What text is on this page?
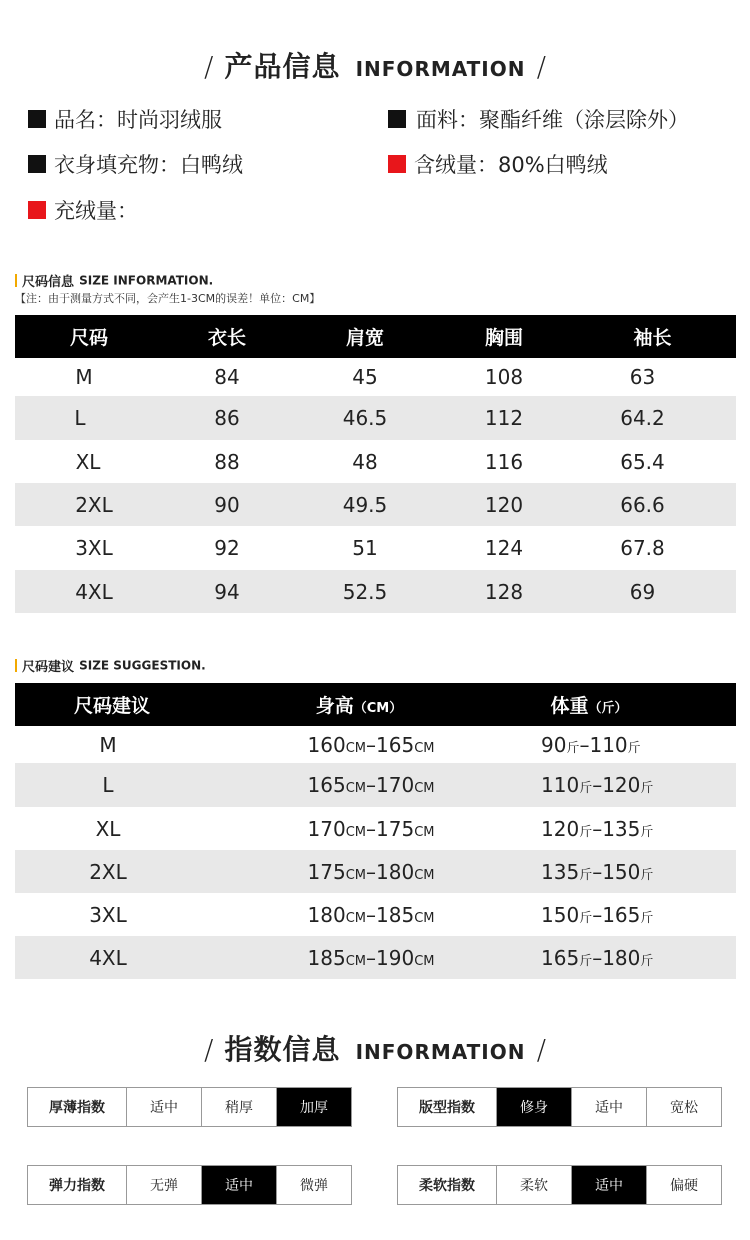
/ 产品信息 INFORMATION /
品名：时尚羽绒服	面料：聚酯纤维（涂层除外）
衣身填充物：白鸭绒	含绒量：80%白鸭绒
充绒量：
尺码信息 SIZE INFORMATION.
【注：由于测量方式不同，会产生1-3CM的误差！单位：CM】
尺码	衣长	肩宽	胸围	袖长
M	84	45	108	63
L	86	46.5	112	64.2
XL	88	48	116	65.4
2XL	90	49.5	120	66.6
3XL	92	51	124	67.8
4XL	94	52.5	128	69
尺码建议 SIZE SUGGESTION.
尺码建议	身高（CM）	体重（斤）
M	160CM–165CM	90斤–110斤
L	165CM–170CM	110斤–120斤
XL	170CM–175CM	120斤–135斤
2XL	175CM–180CM	135斤–150斤
3XL	180CM–185CM	150斤–165斤
4XL	185CM–190CM	165斤–180斤
/ 指数信息 INFORMATION /
厚薄指数	适中	稍厚	加厚	版型指数	修身	适中	宽松
弹力指数	无弹	适中	微弹	柔软指数	柔软	适中	偏硬
